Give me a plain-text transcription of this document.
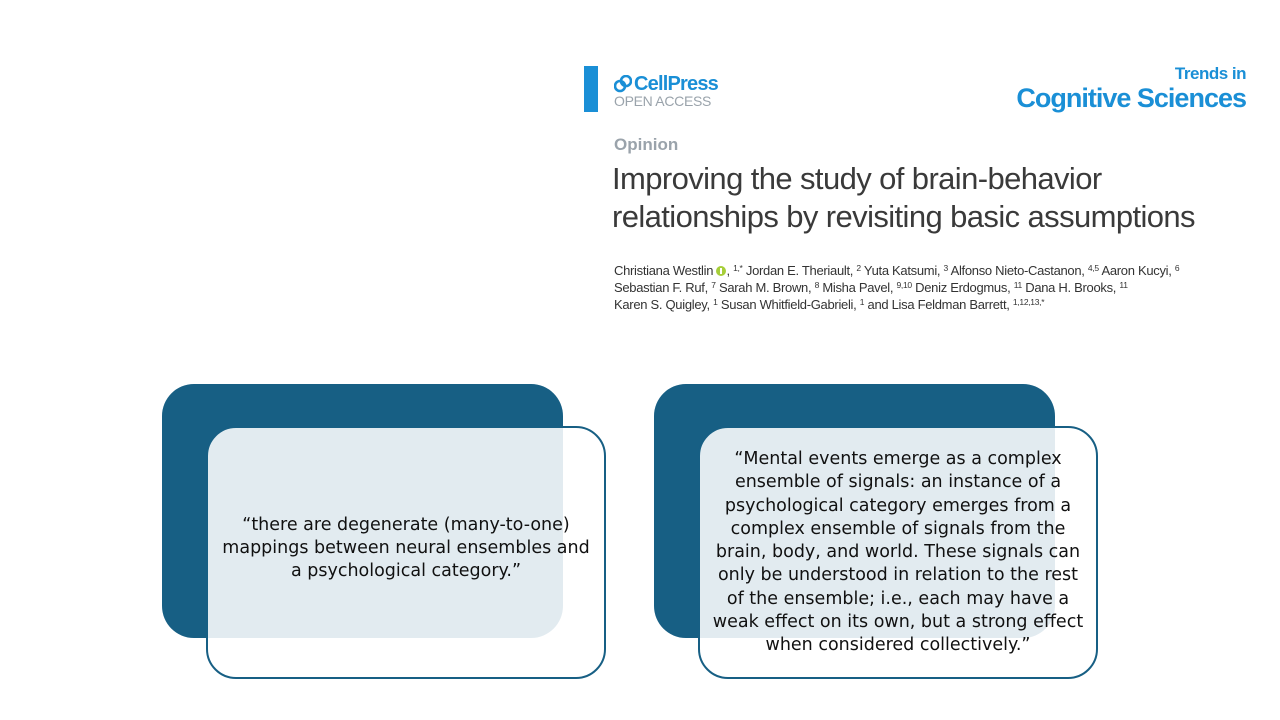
CellPress
OPEN ACCESS
Trends in
Cognitive Sciences
Opinion
Improving the study of brain-behavior relationships by revisiting basic assumptions
Christiana Westlin , $^{1,*}$ Jordan E. Theriault, $^2$ Yuta Katsumi, $^3$ Alfonso Nieto-Castanon, $^{4,5}$ Aaron Kucyi, $^6$
Sebastian F. Ruf, $^7$ Sarah M. Brown, $^8$ Misha Pavel, $^{9,10}$ Deniz Erdogmus, $^{11}$ Dana H. Brooks, $^{11}$
Karen S. Quigley, $^1$ Susan Whitfield-Gabrieli, $^1$ and Lisa Feldman Barrett, $^{1,12,13,*}$
“there are degenerate (many-to-one) mappings between neural ensembles and a psychological category.”
“Mental events emerge as a complex ensemble of signals: an instance of a psychological category emerges from a complex ensemble of signals from the brain, body, and world. These signals can only be understood in relation to the rest of the ensemble; i.e., each may have a weak effect on its own, but a strong effect when considered collectively.”
